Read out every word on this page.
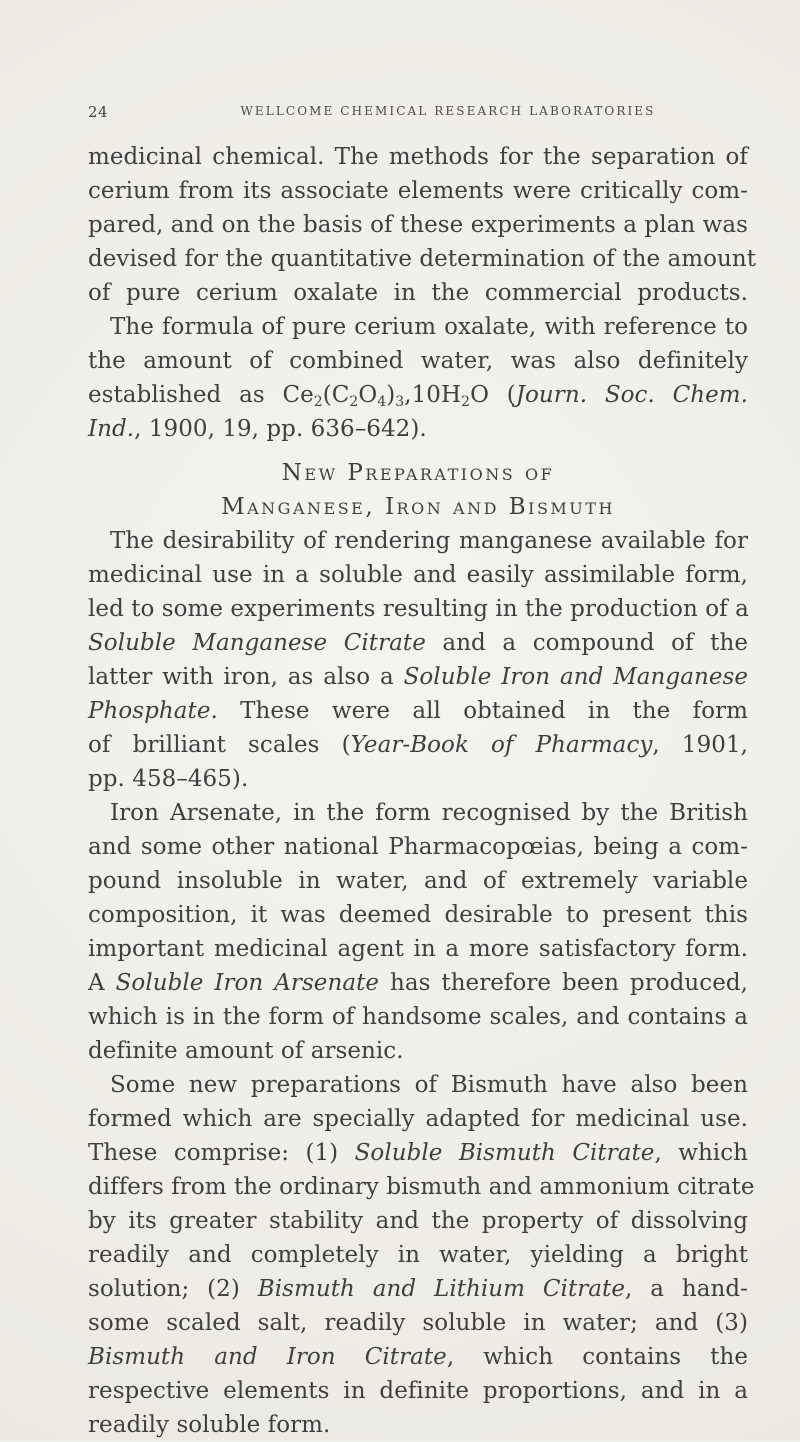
24	WELLCOME CHEMICAL RESEARCH LABORATORIES
medicinal chemical. The methods for the separation of
cerium from its associate elements were critically com-
pared, and on the basis of these experiments a plan was
devised for the quantitative determination of the amount
of pure cerium oxalate in the commercial products.
The formula of pure cerium oxalate, with reference to
the amount of combined water, was also definitely
established as $Ce_2(C_2O_4)_3,10H_2O$ (Journ. Soc. Chem.
Ind., 1900, 19, pp. 636–642).
New Preparations of
Manganese, Iron and Bismuth
The desirability of rendering manganese available for
medicinal use in a soluble and easily assimilable form,
led to some experiments resulting in the production of a
Soluble Manganese Citrate and a compound of the
latter with iron, as also a Soluble Iron and Manganese
Phosphate. These were all obtained in the form
of brilliant scales (Year-Book of Pharmacy, 1901,
pp. 458–465).
Iron Arsenate, in the form recognised by the British
and some other national Pharmacopœias, being a com-
pound insoluble in water, and of extremely variable
composition, it was deemed desirable to present this
important medicinal agent in a more satisfactory form.
A Soluble Iron Arsenate has therefore been produced,
which is in the form of handsome scales, and contains a
definite amount of arsenic.
Some new preparations of Bismuth have also been
formed which are specially adapted for medicinal use.
These comprise: (1) Soluble Bismuth Citrate, which
differs from the ordinary bismuth and ammonium citrate
by its greater stability and the property of dissolving
readily and completely in water, yielding a bright
solution; (2) Bismuth and Lithium Citrate, a hand-
some scaled salt, readily soluble in water; and (3)
Bismuth and Iron Citrate, which contains the
respective elements in definite proportions, and in a
readily soluble form.
